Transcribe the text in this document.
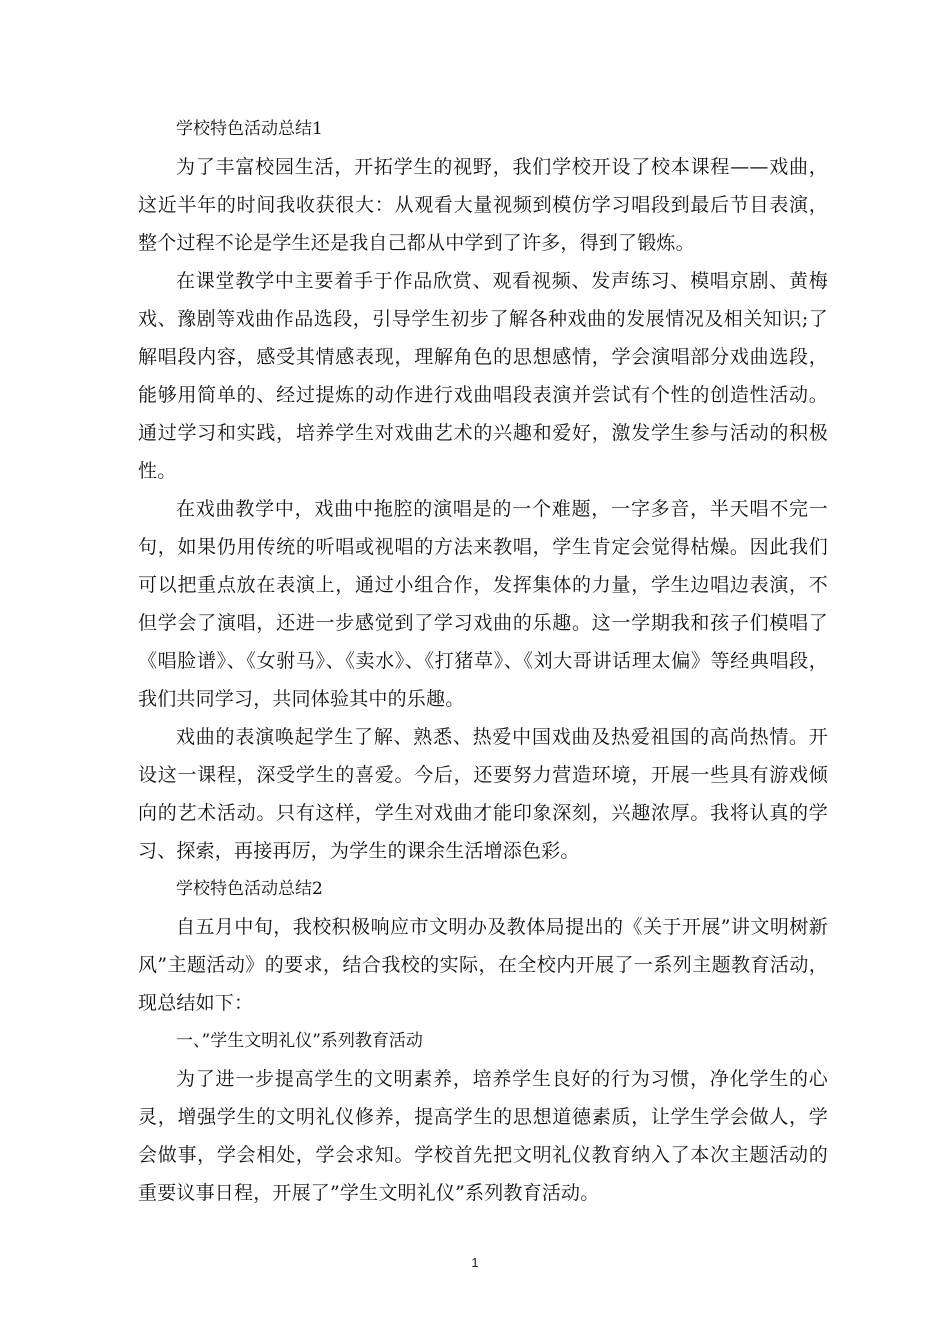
学校特色活动总结1

为了丰富校园生活，开拓学生的视野，我们学校开设了校本课程——戏曲，这近半年的时间我收获很大：从观看大量视频到模仿学习唱段到最后节目表演，整个过程不论是学生还是我自己都从中学到了许多，得到了锻炼。

在课堂教学中主要着手于作品欣赏、观看视频、发声练习、模唱京剧、黄梅戏、豫剧等戏曲作品选段，引导学生初步了解各种戏曲的发展情况及相关知识;了解唱段内容，感受其情感表现，理解角色的思想感情，学会演唱部分戏曲选段，能够用简单的、经过提炼的动作进行戏曲唱段表演并尝试有个性的创造性活动。通过学习和实践，培养学生对戏曲艺术的兴趣和爱好，激发学生参与活动的积极性。

在戏曲教学中，戏曲中拖腔的演唱是的一个难题，一字多音，半天唱不完一句，如果仍用传统的听唱或视唱的方法来教唱，学生肯定会觉得枯燥。因此我们可以把重点放在表演上，通过小组合作，发挥集体的力量，学生边唱边表演，不但学会了演唱，还进一步感觉到了学习戏曲的乐趣。这一学期我和孩子们模唱了《唱脸谱》、《女驸马》、《卖水》、《打猪草》、《刘大哥讲话理太偏》等经典唱段，我们共同学习，共同体验其中的乐趣。

戏曲的表演唤起学生了解、熟悉、热爱中国戏曲及热爱祖国的高尚热情。开设这一课程，深受学生的喜爱。今后，还要努力营造环境，开展一些具有游戏倾向的艺术活动。只有这样，学生对戏曲才能印象深刻，兴趣浓厚。我将认真的学习、探索，再接再厉，为学生的课余生活增添色彩。

学校特色活动总结2

自五月中旬，我校积极响应市文明办及教体局提出的《关于开展”讲文明树新风”主题活动》的要求，结合我校的实际，在全校内开展了一系列主题教育活动，现总结如下：

一、”学生文明礼仪”系列教育活动

为了进一步提高学生的文明素养，培养学生良好的行为习惯，净化学生的心灵，增强学生的文明礼仪修养，提高学生的思想道德素质，让学生学会做人，学会做事，学会相处，学会求知。学校首先把文明礼仪教育纳入了本次主题活动的重要议事日程，开展了”学生文明礼仪”系列教育活动。

1
